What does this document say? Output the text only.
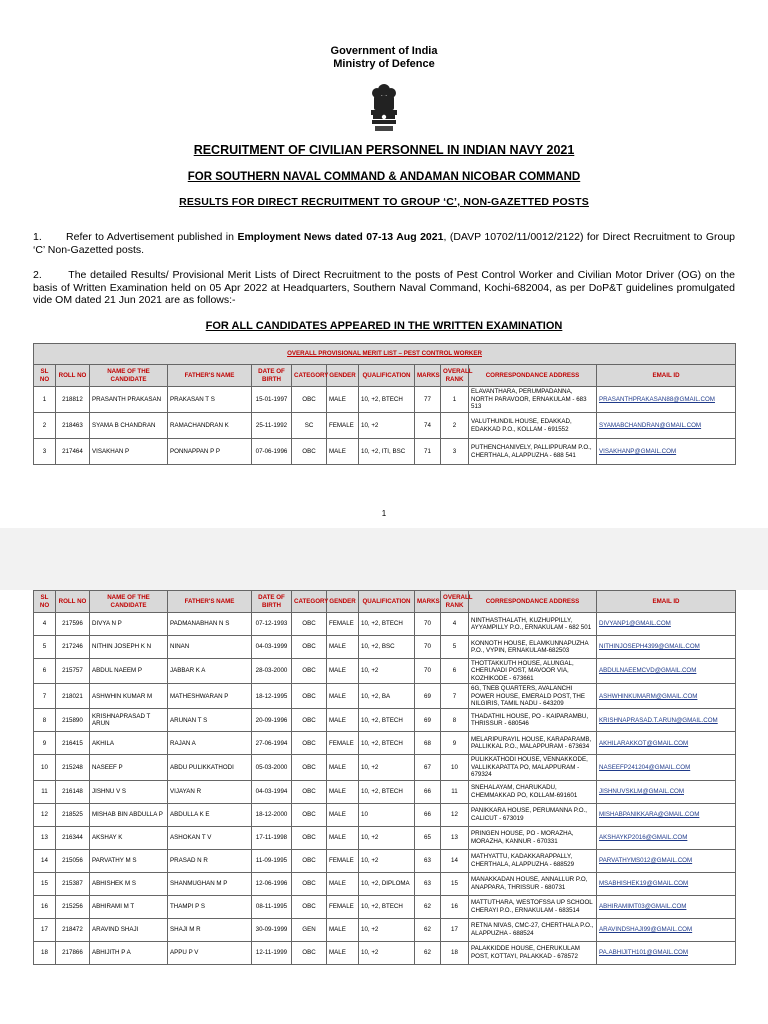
Government of India
Ministry of Defence
RECRUITMENT OF CIVILIAN PERSONNEL IN INDIAN NAVY 2021
FOR SOUTHERN NAVAL COMMAND & ANDAMAN NICOBAR COMMAND
RESULTS FOR DIRECT RECRUITMENT TO GROUP ‘C’, NON-GAZETTED POSTS
1. Refer to Advertisement published in Employment News dated 07-13 Aug 2021, (DAVP 10702/11/0012/2122) for Direct Recruitment to Group ‘C’ Non-Gazetted posts.
2.	The detailed Results/ Provisional Merit Lists of Direct Recruitment to the posts of Pest Control Worker and Civilian Motor Driver (OG) on the basis of Written Examination held on 05 Apr 2022 at Headquarters, Southern Naval Command, Kochi-682004, as per DoP&T guidelines promulgated vide OM dated 21 Jun 2021 are as follows:-
FOR ALL CANDIDATES APPEARED IN THE WRITTEN EXAMINATION
OVERALL PROVISIONAL MERIT LIST – PEST CONTROL WORKER											
SL NO	ROLL NO	NAME OF THE CANDIDATE	FATHER'S NAME	DATE OF BIRTH	CATEGORY	GENDER	QUALIFICATION	MARKS	OVERALL RANK	CORRESPONDANCE ADDRESS	EMAIL ID
1	218812	PRASANTH PRAKASAN	PRAKASAN T S	15-01-1997	OBC	MALE	10, +2, BTECH	77	1	ELAVANTHARA, PERUMPADANNA, NORTH PARAVOOR, ERNAKULAM - 683 513	PRASANTHPRAKASAN88@GMAIL.COM
2	218463	SYAMA B CHANDRAN	RAMACHANDRAN K	25-11-1992	SC	FEMALE	10, +2	74	2	VALUTHUNDIL HOUSE, EDAKKAD, EDAKKAD P.O., KOLLAM - 691552	SYAMABCHANDRAN@GMAIL.COM
3	217464	VISAKHAN P	PONNAPPAN P P	07-06-1996	OBC	MALE	10, +2, ITI, BSC	71	3	PUTHENCHANIVELY, PALLIPPURAM P.O., CHERTHALA, ALAPPUZHA - 688 541	VISAKHANP@GMAIL.COM
1
SL NO	ROLL NO	NAME OF THE CANDIDATE	FATHER'S NAME	DATE OF BIRTH	CATEGORY	GENDER	QUALIFICATION	MARKS	OVERALL RANK	CORRESPONDANCE ADDRESS	EMAIL ID
4	217596	DIVYA N P	PADMANABHAN N S	07-12-1993	OBC	FEMALE	10, +2, BTECH	70	4	NINTHASTHALATH, KUZHUPPILLY, AYYAMPILLY P.O., ERNAKULAM - 682 501	DIVYANP1@GMAIL.COM
5	217246	NITHIN JOSEPH K N	NINAN	04-03-1999	OBC	MALE	10, +2, BSC	70	5	KONNOTH HOUSE, ELAMKUNNAPUZHA P.O., VYPIN, ERNAKULAM-682503	NITHINJOSEPH4399@GMAIL.COM
6	215757	ABDUL NAEEM P	JABBAR K A	28-03-2000	OBC	MALE	10, +2	70	6	THOTTAKKUTH HOUSE, ALUNGAL, CHERUVADI POST, MAVOOR VIA, KOZHIKODE - 673661	ABDULNAEEMCVD@GMAIL.COM
7	218021	ASHWHIN KUMAR M	MATHESHWARAN P	18-12-1995	OBC	MALE	10, +2, BA	69	7	6G, TNEB QUARTERS, AVALANCHI POWER HOUSE, EMERALD POST, THE NILGIRIS, TAMIL NADU - 643209	ASHWHINKUMARM@GMAIL.COM
8	215890	KRISHNAPRASAD T ARUN	ARUNAN T S	20-09-1996	OBC	MALE	10, +2, BTECH	69	8	THADATHIL HOUSE, PO - KAIPARAMBU, THRISSUR - 680546	KRISHNAPRASAD.T.ARUN@GMAIL.COM
9	216415	AKHILA	RAJAN A	27-06-1994	OBC	FEMALE	10, +2, BTECH	68	9	MELARIPURAYIL HOUSE, KARAPARAMB, PALLIKKAL P.O., MALAPPURAM - 673634	AKHILARAKKOT@GMAIL.COM
10	215248	NASEEF P	ABDU PULIKKATHODI	05-03-2000	OBC	MALE	10, +2	67	10	PULIKKATHODI HOUSE, VENNAKKODE, VALLIKKAPATTA PO, MALAPPURAM - 679324	NASEEFP241204@GMAIL.COM
11	216148	JISHNU V S	VIJAYAN R	04-03-1994	OBC	MALE	10, +2, BTECH	66	11	SNEHALAYAM, CHARUKADU, CHEMMAKKAD PO, KOLLAM-691601	JISHNUVSKLM@GMAIL.COM
12	218525	MISHAB BIN ABDULLA P	ABDULLA K E	18-12-2000	OBC	MALE	10	66	12	PANIKKARA HOUSE, PERUMANNA P.O., CALICUT - 673019	MISHABPANIKKARA@GMAIL.COM
13	216344	AKSHAY K	ASHOKAN T V	17-11-1998	OBC	MALE	10, +2	65	13	PRINGEN HOUSE, PO - MORAZHA, MORAZHA, KANNUR - 670331	AKSHAYKP2016@GMAIL.COM
14	215056	PARVATHY M S	PRASAD N R	11-09-1995	OBC	FEMALE	10, +2	63	14	MATHYATTU, KADAKKARAPPALLY, CHERTHALA, ALAPPUZHA - 688529	PARVATHYMS012@GMAIL.COM
15	215387	ABHISHEK M S	SHANMUGHAN M P	12-06-1996	OBC	MALE	10, +2, DIPLOMA	63	15	MANAKKADAN HOUSE, ANNALLUR P.O, ANAPPARA, THRISSUR - 680731	MSABHISHEK19@GMAIL.COM
16	215256	ABHIRAMI M T	THAMPI P S	08-11-1995	OBC	FEMALE	10, +2, BTECH	62	16	MATTUTHARA, WESTOFSSA UP SCHOOL CHERAYI P.O., ERNAKULAM - 683514	ABHIRAMIMT03@GMAIL.COM
17	218472	ARAVIND SHAJI	SHAJI M R	30-09-1999	GEN	MALE	10, +2	62	17	RETNA NIVAS, CMC-27, CHERTHALA P.O., ALAPPUZHA - 688524	ARAVINDSHAJI99@GMAIL.COM
18	217866	ABHIJITH P A	APPU P V	12-11-1999	OBC	MALE	10, +2	62	18	PALAKKIDDE HOUSE, CHERUKULAM POST, KOTTAYI, PALAKKAD - 678572	PA.ABHIJITH101@GMAIL.COM
